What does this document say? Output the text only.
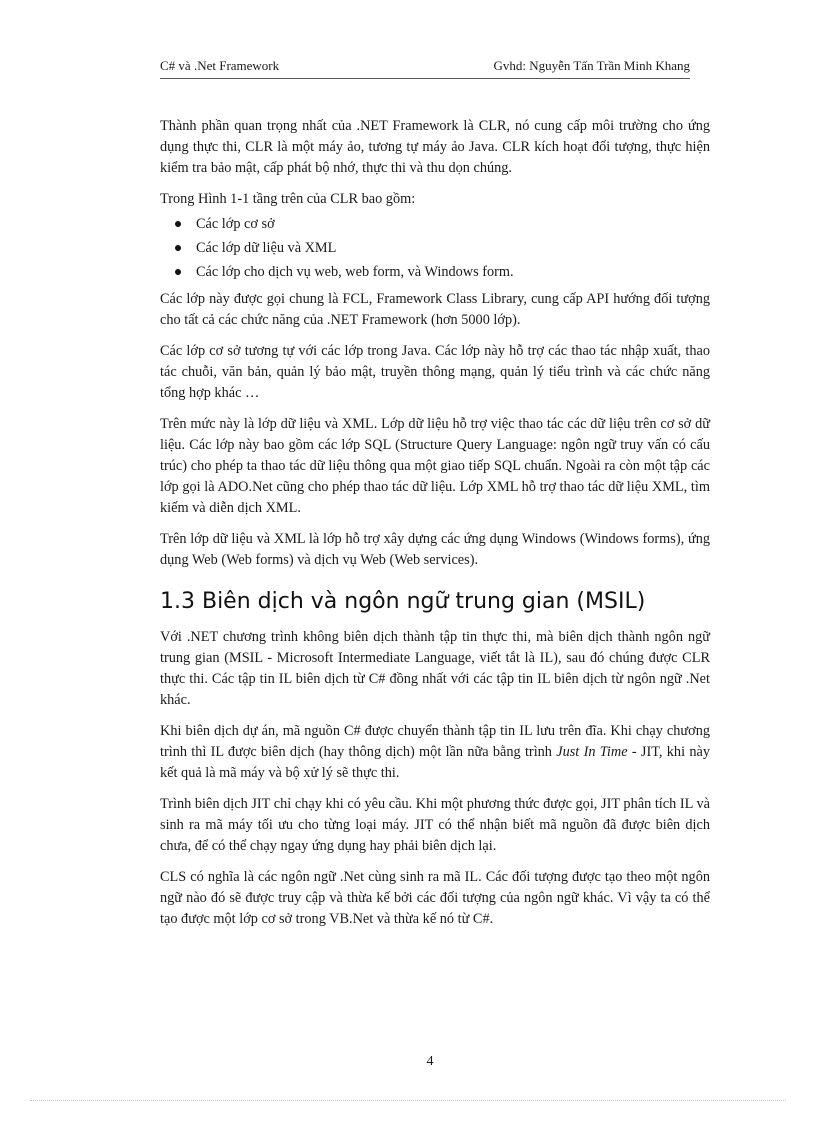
C# và .Net Framework	Gvhd: Nguyễn Tấn Trần Minh Khang

Thành phần quan trọng nhất của .NET Framework là CLR, nó cung cấp môi trường cho ứng dụng thực thi, CLR là một máy ảo, tương tự máy ảo Java. CLR kích hoạt đối tượng, thực hiện kiểm tra bảo mật, cấp phát bộ nhớ, thực thi và thu dọn chúng.

Trong Hình 1-1 tầng trên của CLR bao gồm:

Các lớp cơ sở
Các lớp dữ liệu và XML
Các lớp cho dịch vụ web, web form, và Windows form.

Các lớp này được gọi chung là FCL, Framework Class Library, cung cấp API hướng đối tượng cho tất cả các chức năng của .NET Framework (hơn 5000 lớp).

Các lớp cơ sở tương tự với các lớp trong Java. Các lớp này hỗ trợ các thao tác nhập xuất, thao tác chuỗi, văn bản, quản lý bảo mật, truyền thông mạng, quản lý tiểu trình và các chức năng tổng hợp khác …

Trên mức này là lớp dữ liệu và XML. Lớp dữ liệu hỗ trợ việc thao tác các dữ liệu trên cơ sở dữ liệu. Các lớp này bao gồm các lớp SQL (Structure Query Language: ngôn ngữ truy vấn có cấu trúc) cho phép ta thao tác dữ liệu thông qua một giao tiếp SQL chuẩn. Ngoài ra còn một tập các lớp gọi là ADO.Net cũng cho phép thao tác dữ liệu. Lớp XML hỗ trợ thao tác dữ liệu XML, tìm kiếm và diễn dịch XML.

Trên lớp dữ liệu và XML là lớp hỗ trợ xây dựng các ứng dụng Windows (Windows forms), ứng dụng Web (Web forms) và dịch vụ Web (Web services).

1.3 Biên dịch và ngôn ngữ trung gian (MSIL)

Với .NET chương trình không biên dịch thành tập tin thực thi, mà biên dịch thành ngôn ngữ trung gian (MSIL - Microsoft Intermediate Language, viết tắt là IL), sau đó chúng được CLR thực thi. Các tập tin IL biên dịch từ C# đồng nhất với các tập tin IL biên dịch từ ngôn ngữ .Net khác.

Khi biên dịch dự án, mã nguồn C# được chuyển thành tập tin IL lưu trên đĩa. Khi chạy chương trình thì IL được biên dịch (hay thông dịch) một lần nữa bằng trình Just In Time - JIT, khi này kết quả là mã máy và bộ xử lý sẽ thực thi.

Trình biên dịch JIT chỉ chạy khi có yêu cầu. Khi một phương thức được gọi, JIT phân tích IL và sinh ra mã máy tối ưu cho từng loại máy. JIT có thể nhận biết mã nguồn đã được biên dịch chưa, để có thể chạy ngay ứng dụng hay phải biên dịch lại.

CLS có nghĩa là các ngôn ngữ .Net cùng sinh ra mã IL. Các đối tượng được tạo theo một ngôn ngữ nào đó sẽ được truy cập và thừa kế bởi các đối tượng của ngôn ngữ khác. Vì vậy ta có thể tạo được một lớp cơ sở trong VB.Net và thừa kế nó từ C#.

4
